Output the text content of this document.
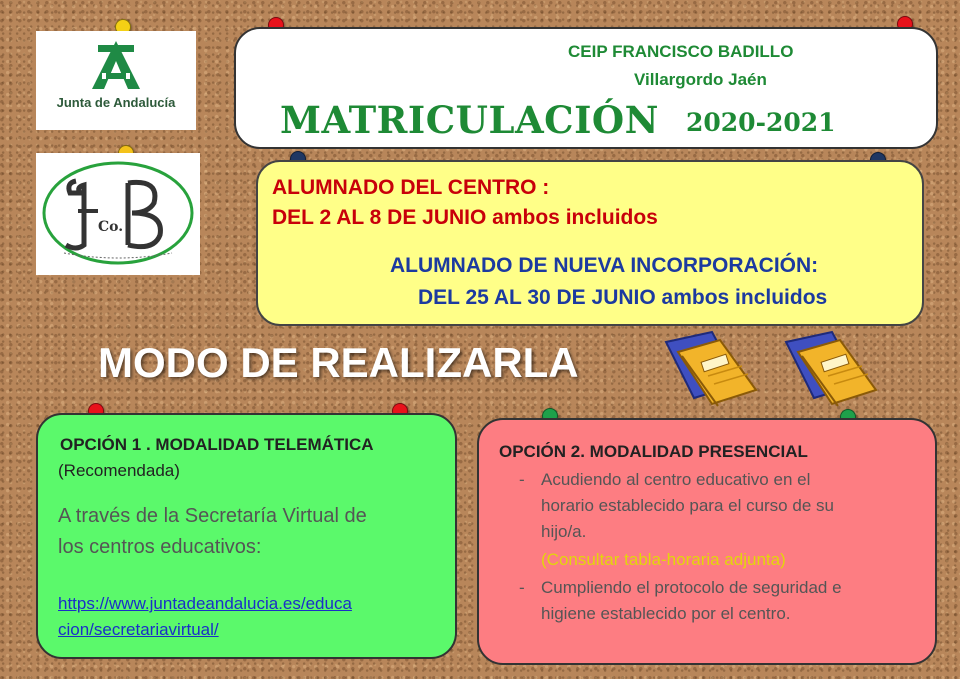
Junta de Andalucía
Co.
CEIP FRANCISCO BADILLO
Villargordo Jaén
MATRICULACIÓN 2020-2021
ALUMNADO DEL CENTRO :
DEL 2 AL 8 DE JUNIO ambos incluidos
ALUMNADO DE NUEVA INCORPORACIÓN:
DEL 25 AL 30 DE JUNIO ambos incluidos
MODO DE REALIZARLA
OPCIÓN 1 . MODALIDAD TELEMÁTICA
(Recomendada)
A través de la Secretaría Virtual de
los centros educativos:
https://www.juntadeandalucia.es/educa
cion/secretariavirtual/
OPCIÓN 2. MODALIDAD PRESENCIAL
- Acudiendo al centro educativo en el
horario establecido para el curso de su
hijo/a.
(Consultar tabla-horaria adjunta)
- Cumpliendo el protocolo de seguridad e
higiene establecido por el centro.
